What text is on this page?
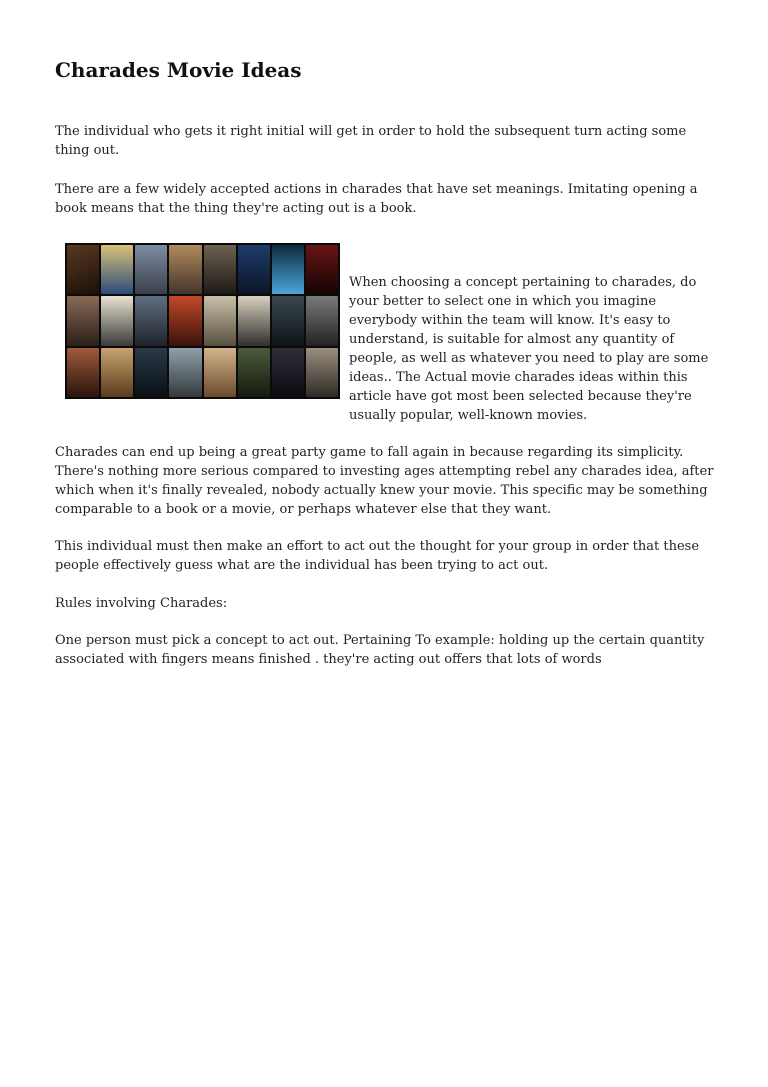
Charades Movie Ideas

The individual who gets it right initial will get in order to hold the subsequent turn acting some thing out.

There are a few widely accepted actions in charades that have set meanings. Imitating opening a book means that the thing they're acting out is a book.

When choosing a concept pertaining to charades, do your better to select one in which you imagine everybody within the team will know. It's easy to understand, is suitable for almost any quantity of people, as well as whatever you need to play are some ideas.. The Actual movie charades ideas within this article have got most been selected because they're usually popular, well-known movies.

Charades can end up being a great party game to fall again in because regarding its simplicity. There's nothing more serious compared to investing ages attempting rebel any charades idea, after which when it's finally revealed, nobody actually knew your movie. This specific may be something comparable to a book or a movie, or perhaps whatever else that they want.

This individual must then make an effort to act out the thought for your group in order that these people effectively guess what are the individual has been trying to act out.

Rules involving Charades:

One person must pick a concept to act out. Pertaining To example: holding up the certain quantity associated with fingers means finished . they're acting out offers that lots of words
